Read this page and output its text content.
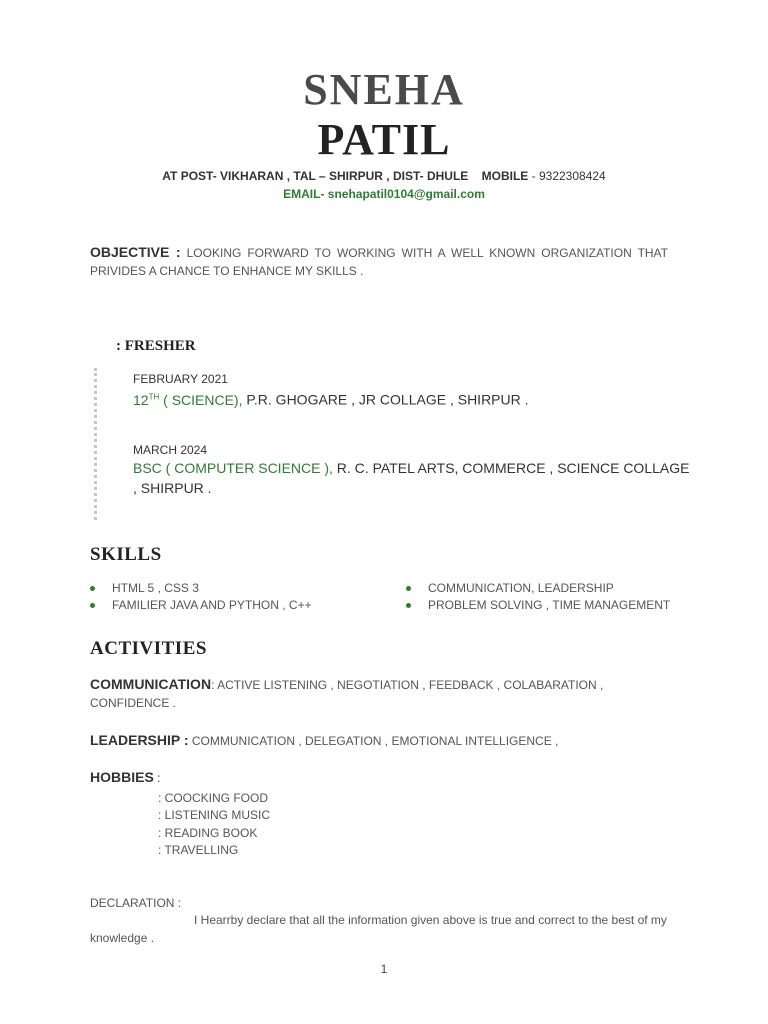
SNEHA
PATIL
AT POST- VIKHARAN , TAL – SHIRPUR , DIST- DHULE MOBILE - 9322308424
EMAIL- snehapatil0104@gmail.com
OBJECTIVE : LOOKING FORWARD TO WORKING WITH A WELL KNOWN ORGANIZATION THAT PRIVIDES A CHANCE TO ENHANCE MY SKILLS .
: FRESHER
FEBRUARY 2021
12TH ( SCIENCE), P.R. GHOGARE , JR COLLAGE , SHIRPUR .
MARCH 2024
BSC ( COMPUTER SCIENCE ), R. C. PATEL ARTS, COMMERCE , SCIENCE COLLAGE , SHIRPUR .
SKILLS
HTML 5 , CSS 3
FAMILIER JAVA AND PYTHON , C++
COMMUNICATION, LEADERSHIP
PROBLEM SOLVING , TIME MANAGEMENT
ACTIVITIES
COMMUNICATION: ACTIVE LISTENING , NEGOTIATION , FEEDBACK , COLABARATION , CONFIDENCE .
LEADERSHIP : COMMUNICATION , DELEGATION , EMOTIONAL INTELLIGENCE ,
HOBBIES :
: COOCKING FOOD
: LISTENING MUSIC
: READING BOOK
: TRAVELLING
DECLARATION :
I Hearrby declare that all the information given above is true and correct to the best of my knowledge .
1
